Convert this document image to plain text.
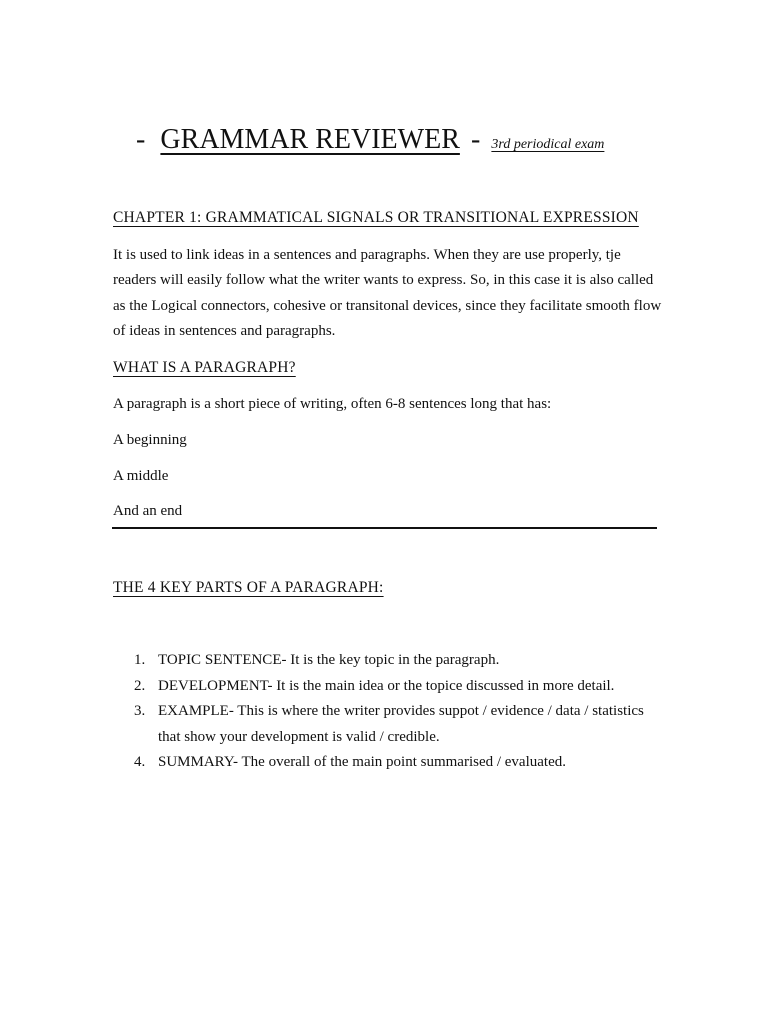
- GRAMMAR REVIEWER - 3rd periodical exam
CHAPTER 1: GRAMMATICAL SIGNALS OR TRANSITIONAL EXPRESSION
It is used to link ideas in a sentences and paragraphs. When they are use properly, tje readers will easily follow what the writer wants to express. So, in this case it is also called as the Logical connectors, cohesive or transitonal devices, since they facilitate smooth flow of ideas in sentences and paragraphs.
WHAT IS A PARAGRAPH?
A paragraph is a short piece of writing, often 6-8 sentences long that has:
A beginning
A middle
And an end
THE 4 KEY PARTS OF A PARAGRAPH:
1. TOPIC SENTENCE- It is the key topic in the paragraph.
2. DEVELOPMENT- It is the main idea or the topice discussed in more detail.
3. EXAMPLE- This is where the writer provides suppot / evidence / data / statistics that show your development is valid / credible.
4. SUMMARY- The overall of the main point summarised / evaluated.
